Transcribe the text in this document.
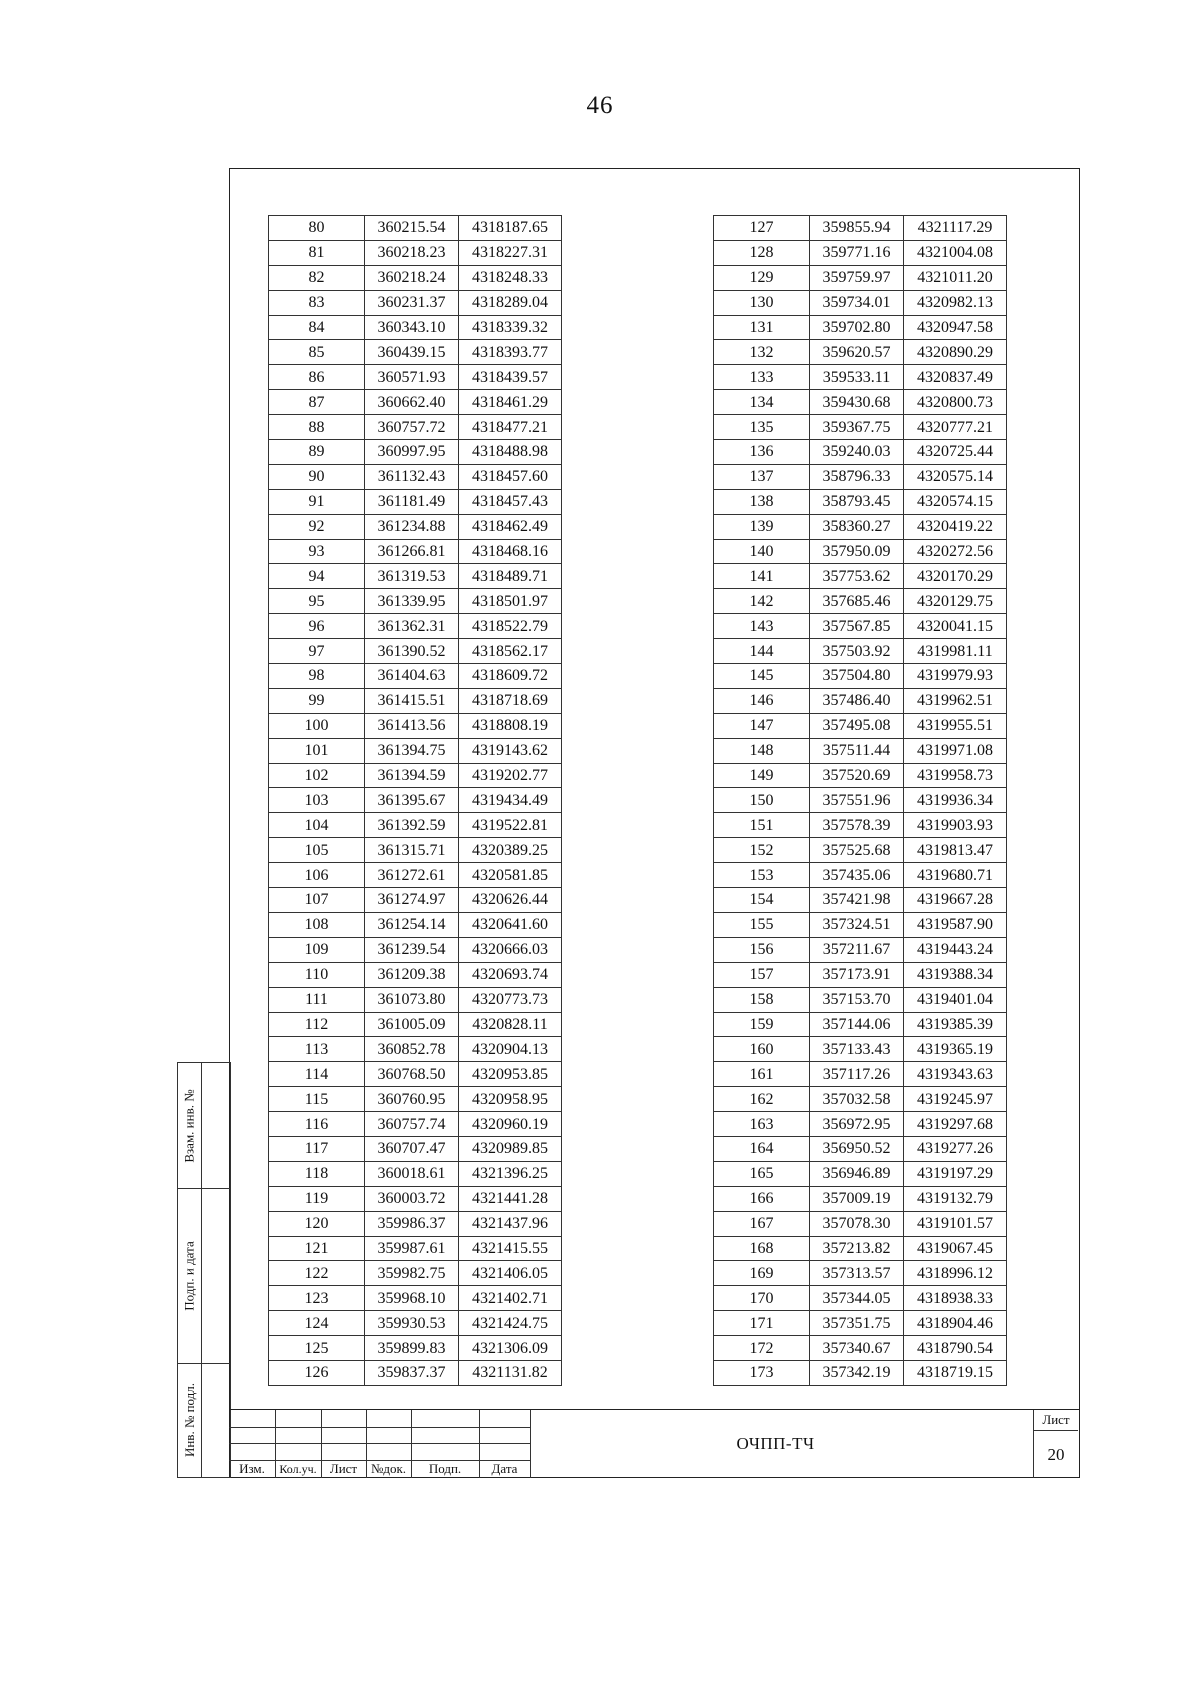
46
80	360215.54	4318187.65
81	360218.23	4318227.31
82	360218.24	4318248.33
83	360231.37	4318289.04
84	360343.10	4318339.32
85	360439.15	4318393.77
86	360571.93	4318439.57
87	360662.40	4318461.29
88	360757.72	4318477.21
89	360997.95	4318488.98
90	361132.43	4318457.60
91	361181.49	4318457.43
92	361234.88	4318462.49
93	361266.81	4318468.16
94	361319.53	4318489.71
95	361339.95	4318501.97
96	361362.31	4318522.79
97	361390.52	4318562.17
98	361404.63	4318609.72
99	361415.51	4318718.69
100	361413.56	4318808.19
101	361394.75	4319143.62
102	361394.59	4319202.77
103	361395.67	4319434.49
104	361392.59	4319522.81
105	361315.71	4320389.25
106	361272.61	4320581.85
107	361274.97	4320626.44
108	361254.14	4320641.60
109	361239.54	4320666.03
110	361209.38	4320693.74
111	361073.80	4320773.73
112	361005.09	4320828.11
113	360852.78	4320904.13
114	360768.50	4320953.85
115	360760.95	4320958.95
116	360757.74	4320960.19
117	360707.47	4320989.85
118	360018.61	4321396.25
119	360003.72	4321441.28
120	359986.37	4321437.96
121	359987.61	4321415.55
122	359982.75	4321406.05
123	359968.10	4321402.71
124	359930.53	4321424.75
125	359899.83	4321306.09
126	359837.37	4321131.82
127	359855.94	4321117.29
128	359771.16	4321004.08
129	359759.97	4321011.20
130	359734.01	4320982.13
131	359702.80	4320947.58
132	359620.57	4320890.29
133	359533.11	4320837.49
134	359430.68	4320800.73
135	359367.75	4320777.21
136	359240.03	4320725.44
137	358796.33	4320575.14
138	358793.45	4320574.15
139	358360.27	4320419.22
140	357950.09	4320272.56
141	357753.62	4320170.29
142	357685.46	4320129.75
143	357567.85	4320041.15
144	357503.92	4319981.11
145	357504.80	4319979.93
146	357486.40	4319962.51
147	357495.08	4319955.51
148	357511.44	4319971.08
149	357520.69	4319958.73
150	357551.96	4319936.34
151	357578.39	4319903.93
152	357525.68	4319813.47
153	357435.06	4319680.71
154	357421.98	4319667.28
155	357324.51	4319587.90
156	357211.67	4319443.24
157	357173.91	4319388.34
158	357153.70	4319401.04
159	357144.06	4319385.39
160	357133.43	4319365.19
161	357117.26	4319343.63
162	357032.58	4319245.97
163	356972.95	4319297.68
164	356950.52	4319277.26
165	356946.89	4319197.29
166	357009.19	4319132.79
167	357078.30	4319101.57
168	357213.82	4319067.45
169	357313.57	4318996.12
170	357344.05	4318938.33
171	357351.75	4318904.46
172	357340.67	4318790.54
173	357342.19	4318719.15
Взам. инв. №
Подп. и дата
Инв. № подл.
Изм.	Кол.уч.	Лист	№док.	Подп.	Дата
ОЧПП-ТЧ
Лист
20
